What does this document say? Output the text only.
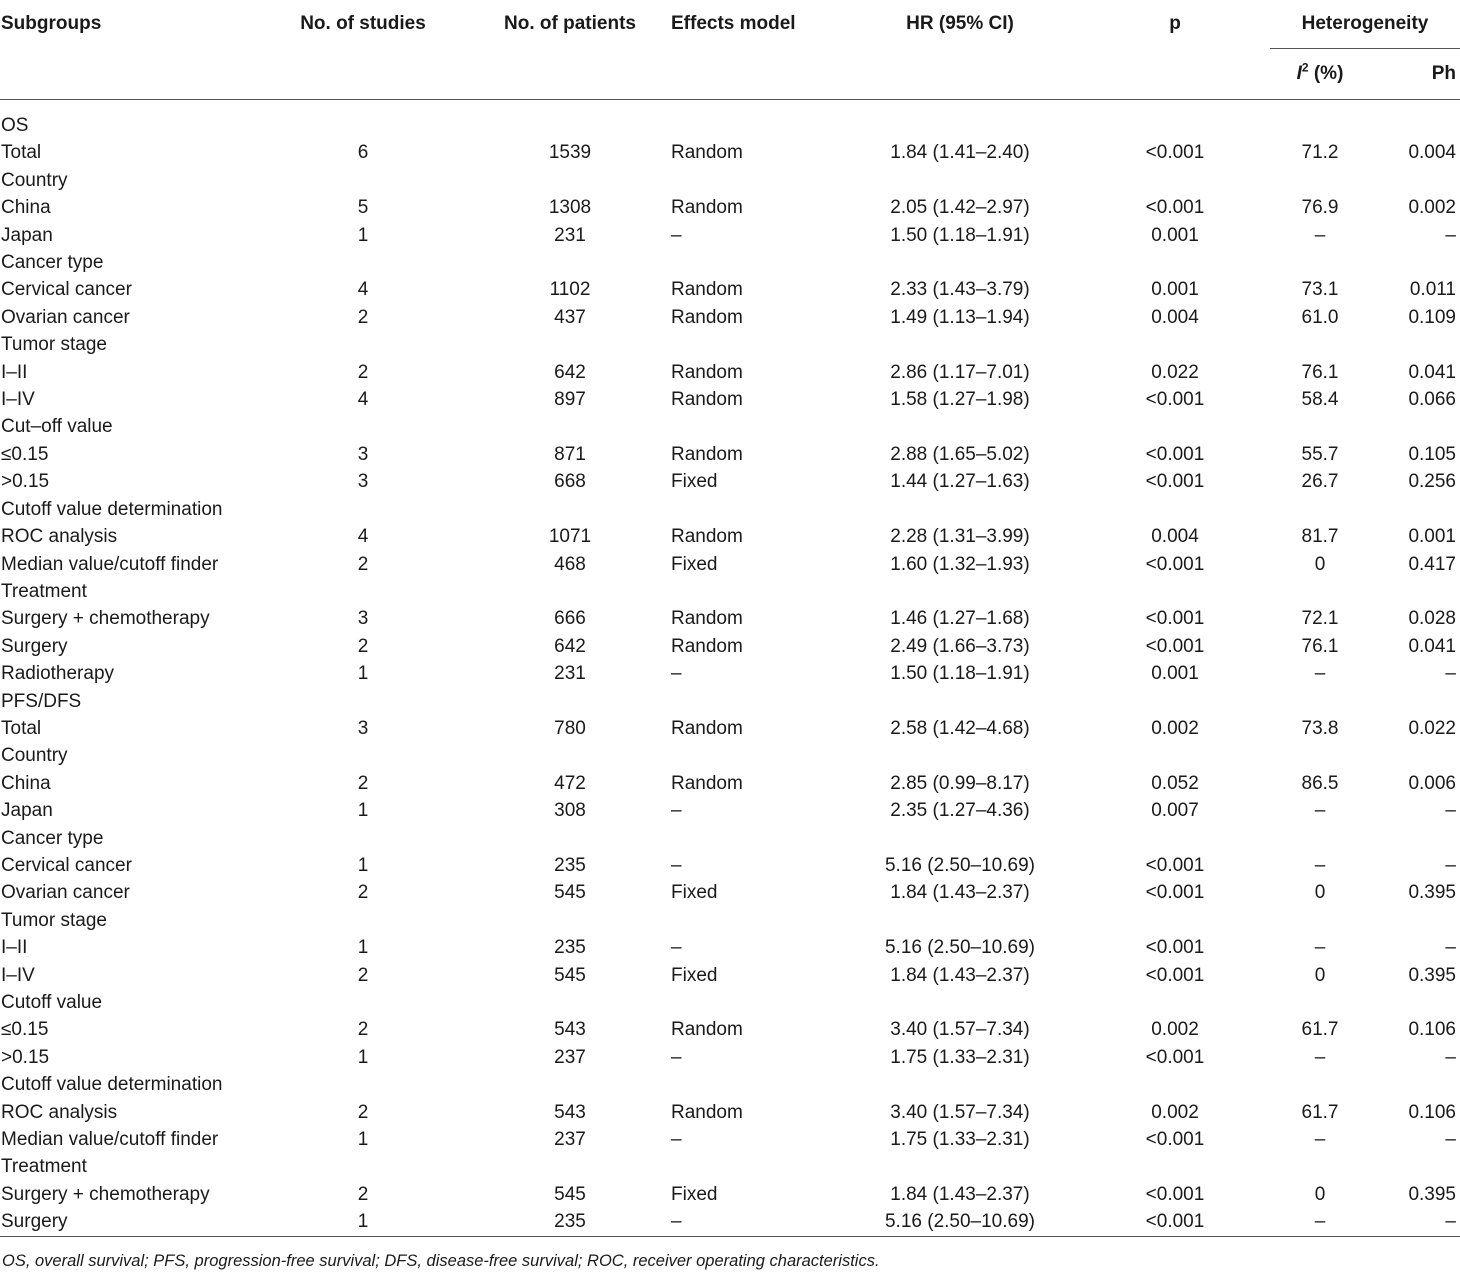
Subgroups	No. of studies	No. of patients	Effects model	HR (95% CI)	p	Heterogeneity	
						$I^2$ (%)	Ph

OS							
Total	6	1539	Random	1.84 (1.41–2.40)	<0.001	71.2	0.004
Country							
China	5	1308	Random	2.05 (1.42–2.97)	<0.001	76.9	0.002
Japan	1	231	–	1.50 (1.18–1.91)	0.001	–	–
Cancer type							
Cervical cancer	4	1102	Random	2.33 (1.43–3.79)	0.001	73.1	0.011
Ovarian cancer	2	437	Random	1.49 (1.13–1.94)	0.004	61.0	0.109
Tumor stage							
I–II	2	642	Random	2.86 (1.17–7.01)	0.022	76.1	0.041
I–IV	4	897	Random	1.58 (1.27–1.98)	<0.001	58.4	0.066
Cut–off value							
≤0.15	3	871	Random	2.88 (1.65–5.02)	<0.001	55.7	0.105
>0.15	3	668	Fixed	1.44 (1.27–1.63)	<0.001	26.7	0.256
Cutoff value determination							
ROC analysis	4	1071	Random	2.28 (1.31–3.99)	0.004	81.7	0.001
Median value/cutoff finder	2	468	Fixed	1.60 (1.32–1.93)	<0.001	0	0.417
Treatment							
Surgery + chemotherapy	3	666	Random	1.46 (1.27–1.68)	<0.001	72.1	0.028
Surgery	2	642	Random	2.49 (1.66–3.73)	<0.001	76.1	0.041
Radiotherapy	1	231	–	1.50 (1.18–1.91)	0.001	–	–
PFS/DFS							
Total	3	780	Random	2.58 (1.42–4.68)	0.002	73.8	0.022
Country							
China	2	472	Random	2.85 (0.99–8.17)	0.052	86.5	0.006
Japan	1	308	–	2.35 (1.27–4.36)	0.007	–	–
Cancer type							
Cervical cancer	1	235	–	5.16 (2.50–10.69)	<0.001	–	–
Ovarian cancer	2	545	Fixed	1.84 (1.43–2.37)	<0.001	0	0.395
Tumor stage							
I–II	1	235	–	5.16 (2.50–10.69)	<0.001	–	–
I–IV	2	545	Fixed	1.84 (1.43–2.37)	<0.001	0	0.395
Cutoff value							
≤0.15	2	543	Random	3.40 (1.57–7.34)	0.002	61.7	0.106
>0.15	1	237	–	1.75 (1.33–2.31)	<0.001	–	–
Cutoff value determination							
ROC analysis	2	543	Random	3.40 (1.57–7.34)	0.002	61.7	0.106
Median value/cutoff finder	1	237	–	1.75 (1.33–2.31)	<0.001	–	–
Treatment							
Surgery + chemotherapy	2	545	Fixed	1.84 (1.43–2.37)	<0.001	0	0.395
Surgery	1	235	–	5.16 (2.50–10.69)	<0.001	–	–

OS, overall survival; PFS, progression-free survival; DFS, disease-free survival; ROC, receiver operating characteristics.
